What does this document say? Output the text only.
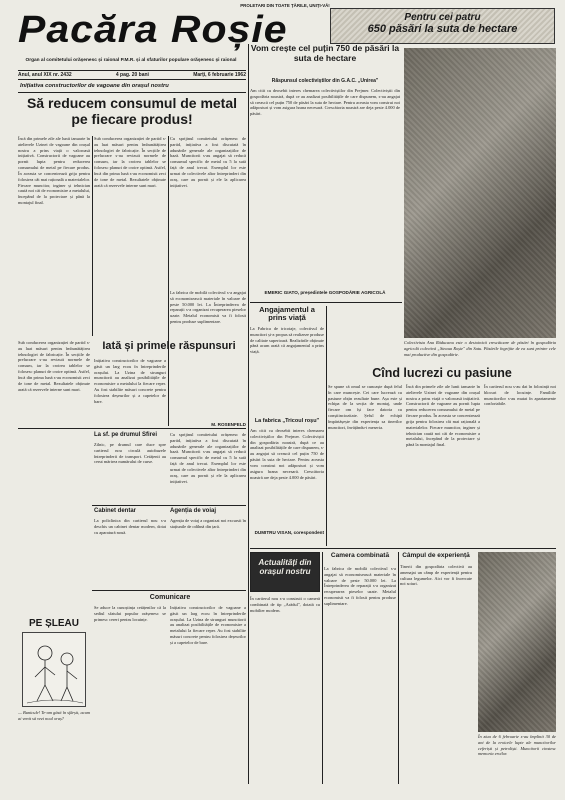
PROLETARI DIN TOATE ȚĂRILE, UNIȚI-VĂ!
Pacăra Roșie
Organ al comitetului orășenesc și raional P.M.R. și al sfaturilor populare orășenesc și raional
Anul, anul XIX nr. 2432	4 pag. 20 bani	Marți, 6 februarie 1962
Inițiativa constructorilor de vagoane din orașul nostru
Să reducem consumul de metal pe fiecare produs!
Încă din primele zile ale lunii ianuarie în atelierele Uzinei de vagoane din orașul nostru a prins viață o valoroasă inițiativă. Constructorii de vagoane au pornit lupta pentru reducerea consumului de metal pe fiecare produs. În aceasta se concentrează grija pentru folosirea cât mai rațională a materialelor. Fiecare muncitor, inginer și tehnician caută noi căi de economisire a metalului, începând de la proiectare și până la montajul final.
Sub conducerea organizației de partid s-au luat măsuri pentru îmbunătățirea tehnologiei de fabricație. În secțiile de prelucrare s-au revizuit normele de consum, iar la croirea tablelor se folosesc planuri de croire optimă. Astfel, încă din prima lună s-au economisit zeci de tone de metal. Rezultatele obținute arată că rezervele interne sunt mari.
Cu sprijinul comitetului orășenesc de partid, inițiativa a fost discutată în adunările generale ale organizațiilor de bază. Muncitorii s-au angajat să reducă consumul specific de metal cu 5 la sută față de anul trecut. Exemplul lor este urmat de colectivele altor întreprinderi din oraș, care au pornit și ele la aplicarea inițiativei.
Iată și primele răspunsuri
Inițiativa constructorilor de vagoane a găsit un larg ecou în întreprinderile orașului. La Uzina de strunguri muncitorii au analizat posibilitățile de economisire a metalului la fiecare reper. Au fost stabilite măsuri concrete pentru folosirea deșeurilor și a capetelor de bare.
La fabrica de mobilă colectivul s-a angajat să economisească materiale în valoare de peste 50.000 lei. La Întreprinderea de reparații s-a organizat recuperarea pieselor uzate. Metalul economisit va fi folosit pentru produse suplimentare.
M. ROSENFELD
Sub conducerea organizației de partid s-au luat măsuri pentru îmbunătățirea tehnologiei de fabricație. În secțiile de prelucrare s-au revizuit normele de consum, iar la croirea tablelor se folosesc planuri de croire optimă. Astfel, încă din prima lună s-au economisit zeci de tone de metal. Rezultatele obținute arată că rezervele interne sunt mari.
PE ȘLEAU
— Bunicule! Te-am găsit în sfârșit, acum ai venit să vezi noul oraș?
La sf. pe drumul Sfirei
Zilnic, pe drumul care duce spre cartierul nou circulă autobuzele întreprinderii de transport. Cetățenii au cerut mărirea numărului de curse.
Cu sprijinul comitetului orășenesc de partid, inițiativa a fost discutată în adunările generale ale organizațiilor de bază. Muncitorii s-au angajat să reducă consumul specific de metal cu 5 la sută față de anul trecut. Exemplul lor este urmat de colectivele altor întreprinderi din oraș, care au pornit și ele la aplicarea inițiativei.
Cabinet dentar
La policlinica din cartierul nou s-a deschis un cabinet dentar modern, dotat cu aparatură nouă.
Agenția de voiaj
Agenția de voiaj a organizat noi excursii în stațiunile de odihnă din țară.
Comunicare
Se aduce la cunoștința cetățenilor că la sediul sfatului popular orășenesc se primesc cereri pentru locuințe.
Inițiativa constructorilor de vagoane a găsit un larg ecou în întreprinderile orașului. La Uzina de strunguri muncitorii au analizat posibilitățile de economisire a metalului la fiecare reper. Au fost stabilite măsuri concrete pentru folosirea deșeurilor și a capetelor de bare.
Pentru cei patru
650 păsări la suta de hectare
Vom crește cel puțin 750 de păsări la suta de hectare
Răspunsul colectiviștilor din G.A.C. „Unirea"
Am citit cu deosebit interes chemarea colectiviștilor din Prejmer. Colectiviștii din gospodăria noastră, după ce au analizat posibilitățile de care dispunem, s-au angajat să crească cel puțin 750 de păsări la suta de hectare. Pentru aceasta vom construi noi adăposturi și vom asigura hrana necesară. Crescătoria noastră are deja peste 4.000 de păsări.
EMERIC GIATO, președintele GOSPODĂRIE AGRICOLĂ
Colectivista Ana Răducanu este o destoinică crescătoare de păsări în gospodăria agricolă colectivă „Steaua Roșie" din Satu. Păsările îngrijite de ea sunt printre cele mai productive din gospodărie.
Angajamentul a prins viață
La Fabrica de tricotaje, colectivul de muncitori și-a propus să realizeze produse de calitate superioară. Realizările obținute până acum arată că angajamentul a prins viață.
La fabrica „Tricoul roșu"
Am citit cu deosebit interes chemarea colectiviștilor din Prejmer. Colectiviștii din gospodăria noastră, după ce au analizat posibilitățile de care dispunem, s-au angajat să crească cel puțin 750 de păsări la suta de hectare. Pentru aceasta vom construi noi adăposturi și vom asigura hrana necesară. Crescătoria noastră are deja peste 4.000 de păsări.
DUMITRU VISAN, corespondent
Cînd lucrezi cu pasiune
Se spune că omul se cunoaște după felul în care muncește. Cei care lucrează cu pasiune obțin rezultate bune. Așa este și echipa de la secția de montaj, unde fiecare om își face datoria cu conștiinciozitate. Șeful de echipă împărtășește din experiența sa tinerilor muncitori, învățându-i meseria.
Încă din primele zile ale lunii ianuarie în atelierele Uzinei de vagoane din orașul nostru a prins viață o valoroasă inițiativă. Constructorii de vagoane au pornit lupta pentru reducerea consumului de metal pe fiecare produs. În aceasta se concentrează grija pentru folosirea cât mai rațională a materialelor. Fiecare muncitor, inginer și tehnician caută noi căi de economisire a metalului, începând de la proiectare și până la montajul final.
În cartierul nou s-au dat în folosință noi blocuri de locuințe. Familiile muncitorilor s-au mutat în apartamente confortabile.
Actualități din orașul nostru
În cartierul nou s-a construit o cameră combinată de tip „Arădul", dotată cu mobilier modern.
Camera combinată
La fabrica de mobilă colectivul s-a angajat să economisească materiale în valoare de peste 50.000 lei. La Întreprinderea de reparații s-a organizat recuperarea pieselor uzate. Metalul economisit va fi folosit pentru produse suplimentare.
Câmpul de experiență
Tinerii din gospodăria colectivă au amenajat un câmp de experiență pentru cultura legumelor. Aici vor fi încercate noi soiuri.
În ziua de 6 februarie s-au împlinit 30 de ani de la eroicele lupte ale muncitorilor ceferiști și petroliști. Muncitorii cinstesc memoria eroilor.
